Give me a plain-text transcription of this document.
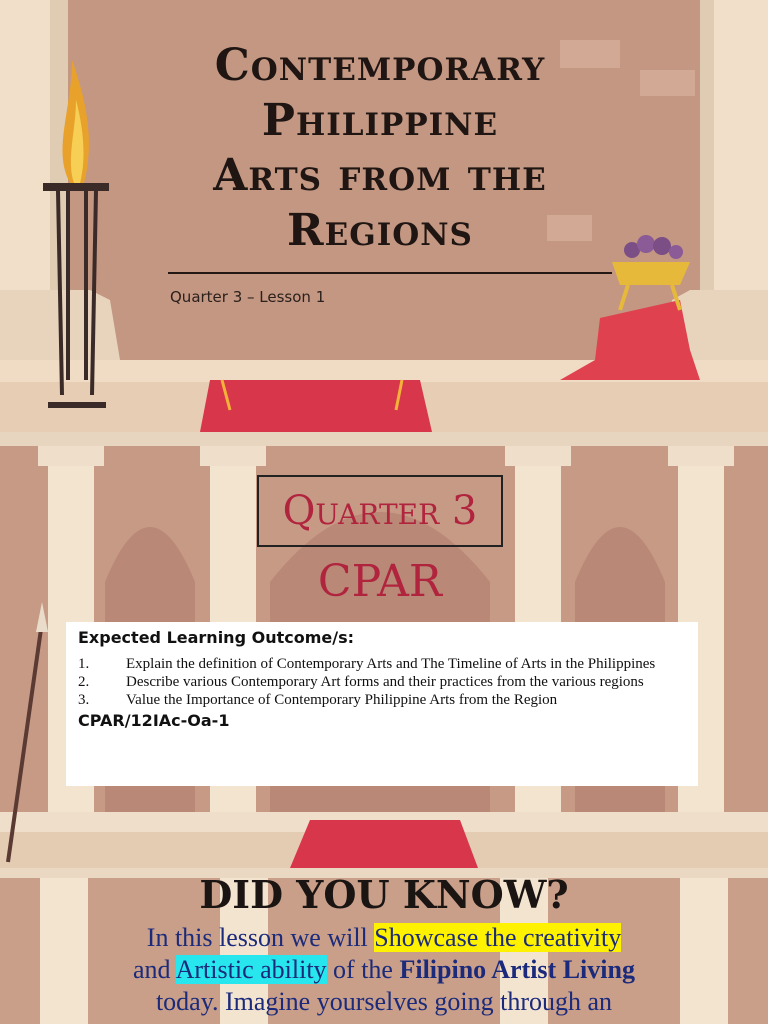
Contemporary
Philippine
Arts from the
Regions
Quarter 3 – Lesson 1
Quarter 3
CPAR
Expected Learning Outcome/s:
1.	Explain the definition of Contemporary Arts and The Timeline of Arts in the Philippines
2.	Describe various Contemporary Art forms and their practices from the various regions
3.	Value the Importance of Contemporary Philippine Arts from the Region
CPAR/12IAc-Oa-1
DID YOU KNOW?
In this lesson we will Showcase the creativity
and Artistic ability of the Filipino Artist Living
today. Imagine yourselves going through an
